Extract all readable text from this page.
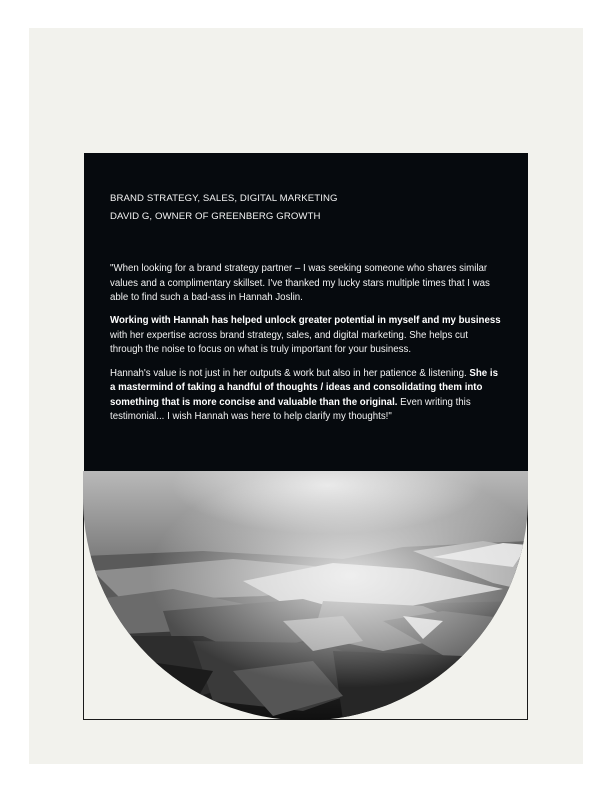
BRAND STRATEGY, SALES, DIGITAL MARKETING
DAVID G, OWNER OF GREENBERG GROWTH

"When looking for a brand strategy partner – I was seeking someone who shares similar values and a complimentary skillset. I've thanked my lucky stars multiple times that I was able to find such a bad-ass in Hannah Joslin.

Working with Hannah has helped unlock greater potential in myself and my business with her expertise across brand strategy, sales, and digital marketing. She helps cut through the noise to focus on what is truly important for your business.

Hannah's value is not just in her outputs & work but also in her patience & listening. She is a mastermind of taking a handful of thoughts / ideas and consolidating them into something that is more concise and valuable than the original. Even writing this testimonial... I wish Hannah was here to help clarify my thoughts!"
